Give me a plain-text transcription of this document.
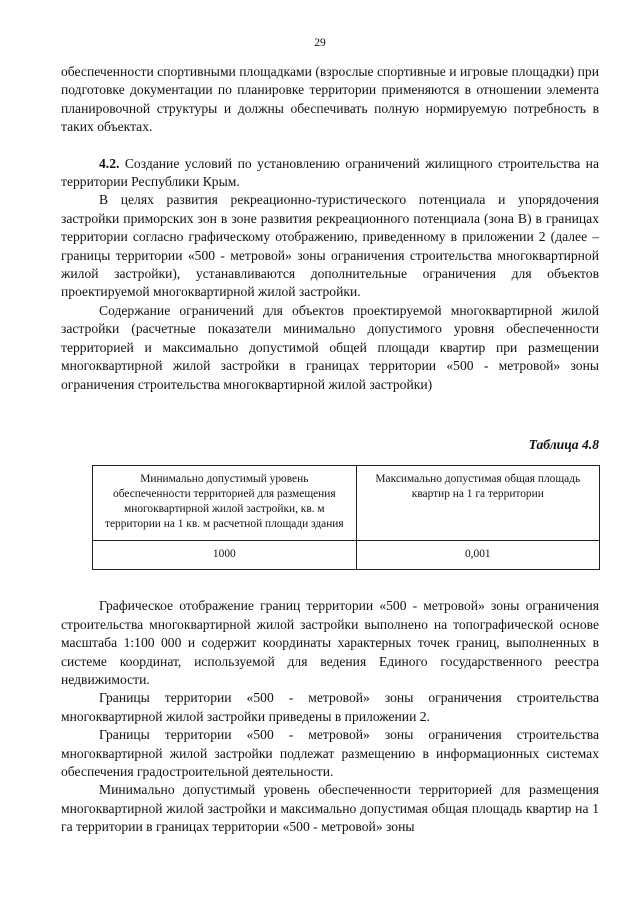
29

обеспеченности спортивными площадками (взрослые спортивные и игровые площадки) при подготовке документации по планировке территории применяются в отношении элемента планировочной структуры и должны обеспечивать полную нормируемую потребность в таких объектах.

4.2. Создание условий по установлению ограничений жилищного строительства на территории Республики Крым.

В целях развития рекреационно-туристического потенциала и упорядочения застройки приморских зон в зоне развития рекреационного потенциала (зона В) в границах территории согласно графическому отображению, приведенному в приложении 2 (далее – границы территории «500 - метровой» зоны ограничения строительства многоквартирной жилой застройки), устанавливаются дополнительные ограничения для объектов проектируемой многоквартирной жилой застройки.

Содержание ограничений для объектов проектируемой многоквартирной жилой застройки (расчетные показатели минимально допустимого уровня обеспеченности территорией и максимально допустимой общей площади квартир при размещении многоквартирной жилой застройки в границах территории «500 - метровой» зоны ограничения строительства многоквартирной жилой застройки)

Таблица 4.8

Минимально допустимый уровень обеспеченности территорией для размещения многоквартирной жилой застройки, кв. м территории на 1 кв. м расчетной площади здания	Максимально допустимая общая площадь квартир на 1 га территории
1000	0,001

Графическое отображение границ территории «500 - метровой» зоны ограничения строительства многоквартирной жилой застройки выполнено на топографической основе масштаба 1:100 000 и содержит координаты характерных точек границ, выполненных в системе координат, используемой для ведения Единого государственного реестра недвижимости.

Границы территории «500 - метровой» зоны ограничения строительства многоквартирной жилой застройки приведены в приложении 2.

Границы территории «500 - метровой» зоны ограничения строительства многоквартирной жилой застройки подлежат размещению в информационных системах обеспечения градостроительной деятельности.

Минимально допустимый уровень обеспеченности территорией для размещения многоквартирной жилой застройки и максимально допустимая общая площадь квартир на 1 га территории в границах территории «500 - метровой» зоны
